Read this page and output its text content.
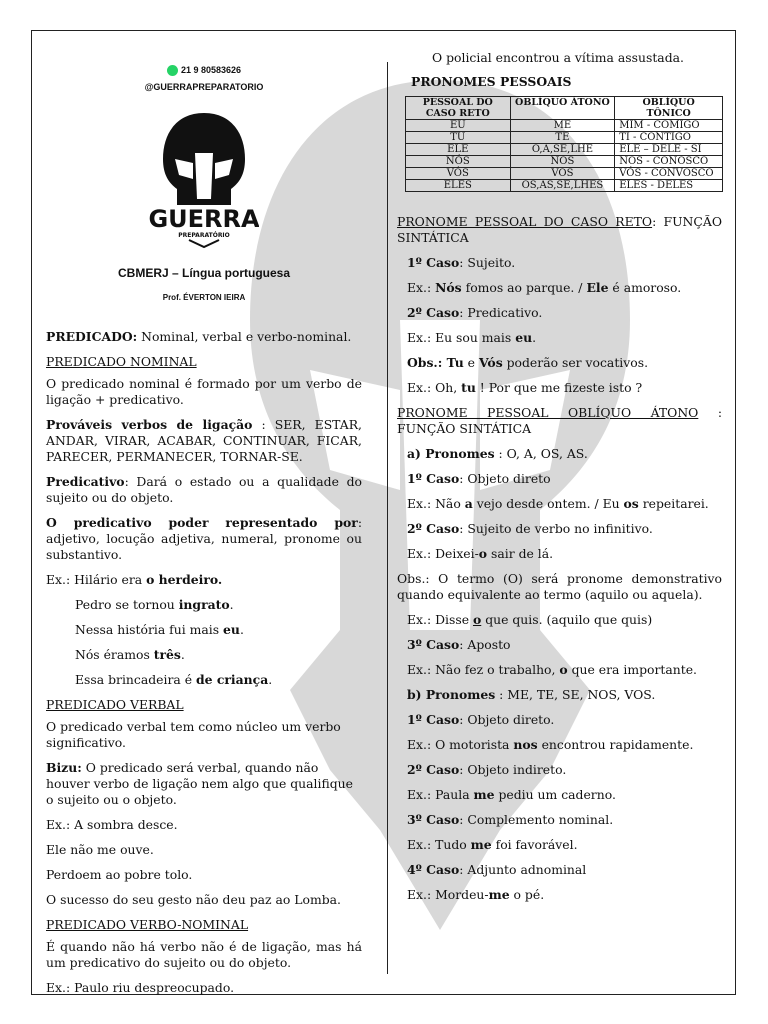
21 9 80583626
@GUERRAPREPARATORIO
GUERRA
PREPARATÓRIO
CBMERJ – Língua portuguesa
Prof. ÉVERTON IEIRA

PREDICADO: Nominal, verbal e verbo-nominal.

PREDICADO NOMINAL

O predicado nominal é formado por um verbo de ligação + predicativo.

Prováveis verbos de ligação : SER, ESTAR, ANDAR, VIRAR, ACABAR, CONTINUAR, FICAR, PARECER, PERMANECER, TORNAR-SE.

Predicativo: Dará o estado ou a qualidade do sujeito ou do objeto.

O predicativo poder representado por: adjetivo, locução adjetiva, numeral, pronome ou substantivo.

Ex.: Hilário era o herdeiro.

Pedro se tornou ingrato.

Nessa história fui mais eu.

Nós éramos três.

Essa brincadeira é de criança.

PREDICADO VERBAL

O predicado verbal tem como núcleo um verbo significativo.

Bizu: O predicado será verbal, quando não houver verbo de ligação nem algo que qualifique o sujeito ou o objeto.

Ex.: A sombra desce.

Ele não me ouve.

Perdoem ao pobre tolo.

O sucesso do seu gesto não deu paz ao Lomba.

PREDICADO VERBO-NOMINAL

É quando não há verbo não é de ligação, mas há um predicativo do sujeito ou do objeto.

Ex.: Paulo riu despreocupado.

O policial encontrou a vítima assustada.

PRONOMES PESSOAIS

PESSOAL DO CASO RETO	OBLÍQUO ÁTONO	OBLÍQUO TÔNICO
EU	ME	MIM - COMIGO
TU	TE	TI - CONTIGO
ELE	O,A,SE,LHE	ELE – DELE - SI
NÓS	NOS	NOS - CONOSCO
VÓS	VOS	VÓS - CONVOSCO
ELES	OS,AS,SE,LHES	ELES - DELES

PRONOME PESSOAL DO CASO RETO: FUNÇÃO SINTÁTICA

1º Caso: Sujeito.

Ex.: Nós fomos ao parque. / Ele é amoroso.

2º Caso: Predicativo.

Ex.: Eu sou mais eu.

Obs.: Tu e Vós poderão ser vocativos.

Ex.: Oh, tu ! Por que me fizeste isto ?

PRONOME PESSOAL OBLÍQUO ÁTONO : FUNÇÃO SINTÁTICA

a) Pronomes : O, A, OS, AS.

1º Caso: Objeto direto

Ex.: Não a vejo desde ontem. / Eu os repeitarei.

2º Caso: Sujeito de verbo no infinitivo.

Ex.: Deixei-o sair de lá.

Obs.: O termo (O) será pronome demonstrativo quando equivalente ao termo (aquilo ou aquela).

Ex.: Disse o que quis. (aquilo que quis)

3º Caso: Aposto

Ex.: Não fez o trabalho, o que era importante.

b) Pronomes : ME, TE, SE, NOS, VOS.

1º Caso: Objeto direto.

Ex.: O motorista nos encontrou rapidamente.

2º Caso: Objeto indireto.

Ex.: Paula me pediu um caderno.

3º Caso: Complemento nominal.

Ex.: Tudo me foi favorável.

4º Caso: Adjunto adnominal

Ex.: Mordeu-me o pé.
